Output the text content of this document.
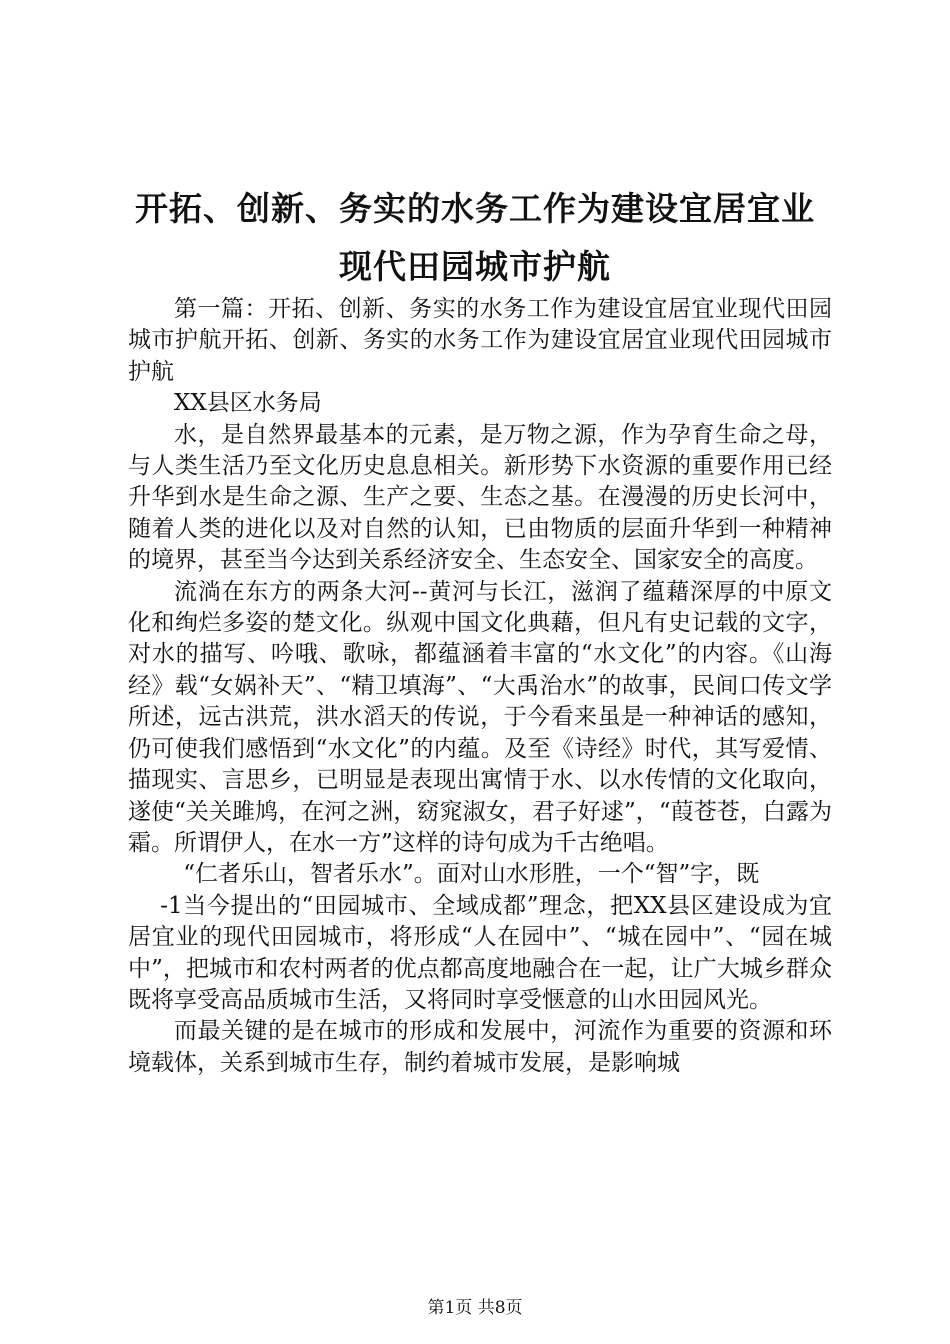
开拓、创新、务实的水务工作为建设宜居宜业
现代田园城市护航

第一篇：开拓、创新、务实的水务工作为建设宜居宜业现代田园城市护航开拓、创新、务实的水务工作为建设宜居宜业现代田园城市护航

XX县区水务局

水，是自然界最基本的元素，是万物之源，作为孕育生命之母，与人类生活乃至文化历史息息相关。新形势下水资源的重要作用已经升华到水是生命之源、生产之要、生态之基。在漫漫的历史长河中，随着人类的进化以及对自然的认知，已由物质的层面升华到一种精神的境界，甚至当今达到关系经济安全、生态安全、国家安全的高度。

流淌在东方的两条大河--黄河与长江，滋润了蕴藉深厚的中原文化和绚烂多姿的楚文化。纵观中国文化典藉，但凡有史记载的文字，对水的描写、吟哦、歌咏，都蕴涵着丰富的“水文化”的内容。《山海经》载“女娲补天”、“精卫填海”、“大禹治水”的故事，民间口传文学所述，远古洪荒，洪水滔天的传说，于今看来虽是一种神话的感知，仍可使我们感悟到“水文化”的内蕴。及至《诗经》时代，其写爱情、描现实、言思乡，已明显是表现出寓情于水、以水传情的文化取向，遂使“关关雎鸠，在河之洲，窈窕淑女，君子好逑”，“葭苍苍，白露为霜。所谓伊人，在水一方”这样的诗句成为千古绝唱。

“仁者乐山，智者乐水”。面对山水形胜，一个“智”字，既

-1当今提出的“田园城市、全域成都”理念，把XX县区建设成为宜居宜业的现代田园城市，将形成“人在园中”、“城在园中”、“园在城中”，把城市和农村两者的优点都高度地融合在一起，让广大城乡群众既将享受高品质城市生活，又将同时享受惬意的山水田园风光。

而最关键的是在城市的形成和发展中，河流作为重要的资源和环境载体，关系到城市生存，制约着城市发展，是影响城

第1页 共8页
